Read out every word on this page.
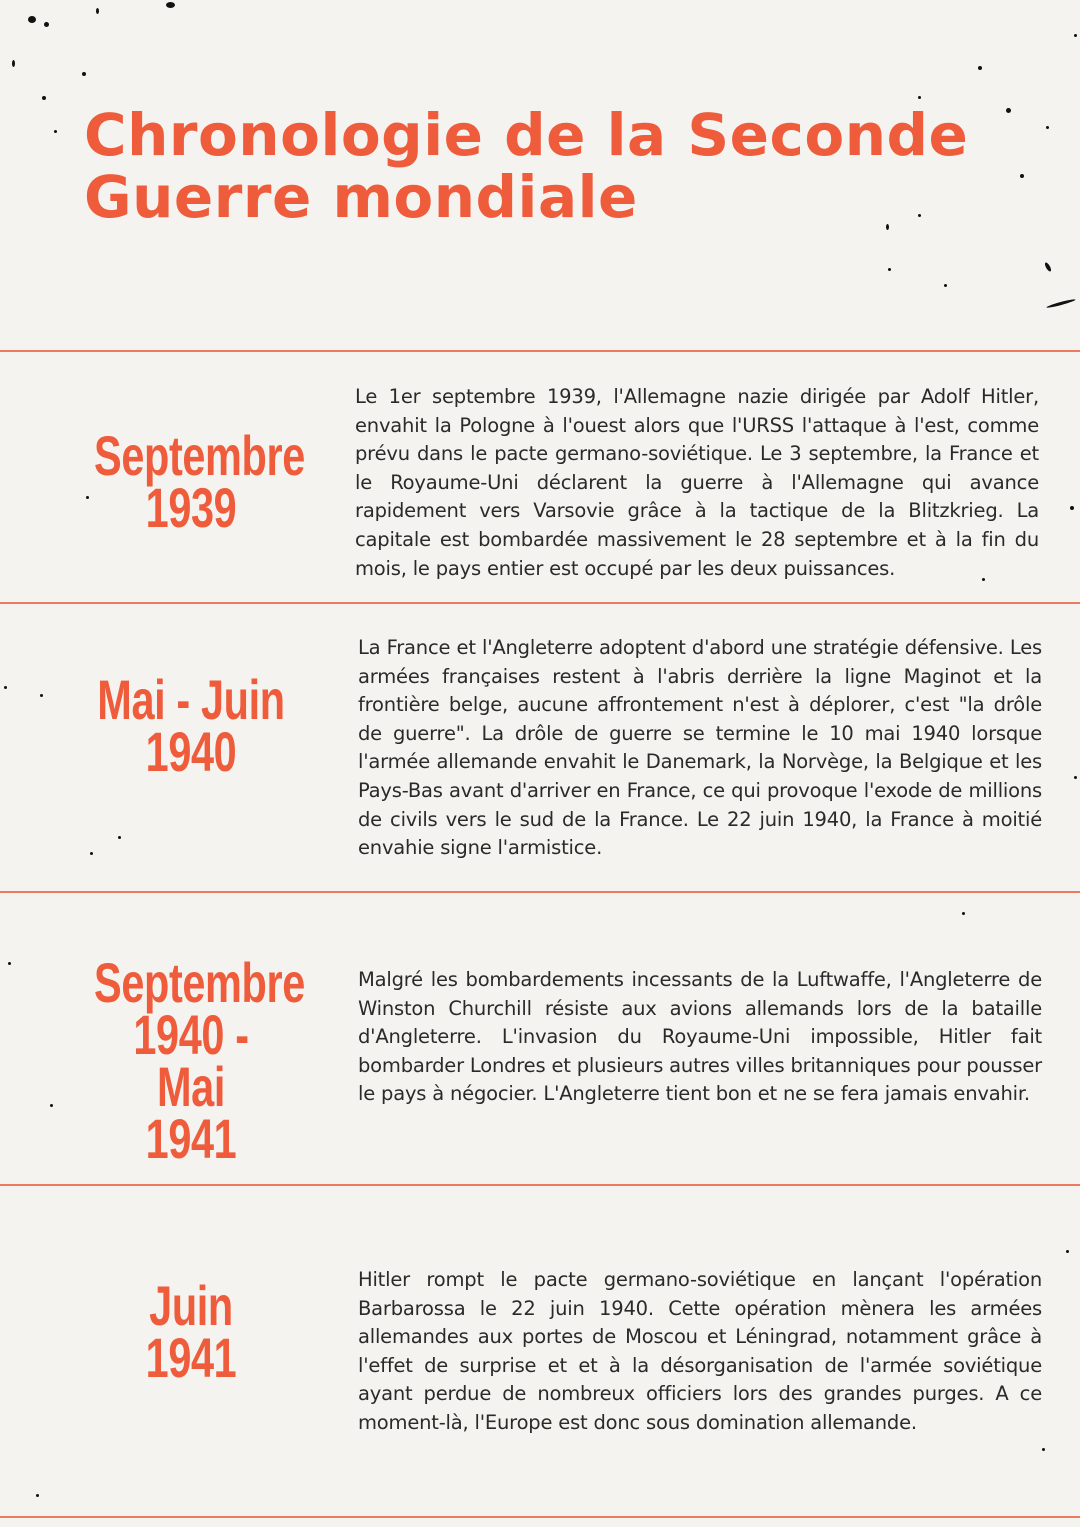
Chronologie de la Seconde
Guerre mondiale
Septembre
1939

Le 1er septembre 1939, l'Allemagne nazie dirigée par Adolf Hitler, envahit la Pologne à l'ouest alors que l'URSS l'attaque à l'est, comme prévu dans le pacte germano-soviétique. Le 3 septembre, la France et le Royaume-Uni déclarent la guerre à l'Allemagne qui avance rapidement vers Varsovie grâce à la tactique de la Blitzkrieg. La capitale est bombardée massivement le 28 septembre et à la fin du mois, le pays entier est occupé par les deux puissances.

Mai - Juin
1940

La France et l'Angleterre adoptent d'abord une stratégie défensive. Les armées françaises restent à l'abris derrière la ligne Maginot et la frontière belge, aucune affrontement n'est à déplorer, c'est "la drôle de guerre". La drôle de guerre se termine le 10 mai 1940 lorsque l'armée allemande envahit le Danemark, la Norvège, la Belgique et les Pays-Bas avant d'arriver en France, ce qui provoque l'exode de millions de civils vers le sud de la France. Le 22 juin 1940, la France à moitié envahie signe l'armistice.

Septembre
1940 - Mai
1941

Malgré les bombardements incessants de la Luftwaffe, l'Angleterre de Winston Churchill résiste aux avions allemands lors de la bataille d'Angleterre. L'invasion du Royaume-Uni impossible, Hitler fait bombarder Londres et plusieurs autres villes britanniques pour pousser le pays à négocier. L'Angleterre tient bon et ne se fera jamais envahir.

Juin
1941

Hitler rompt le pacte germano-soviétique en lançant l'opération Barbarossa le 22 juin 1940. Cette opération mènera les armées allemandes aux portes de Moscou et Léningrad, notamment grâce à l'effet de surprise et et à la désorganisation de l'armée soviétique ayant perdue de nombreux officiers lors des grandes purges. A ce moment-là, l'Europe est donc sous domination allemande.
